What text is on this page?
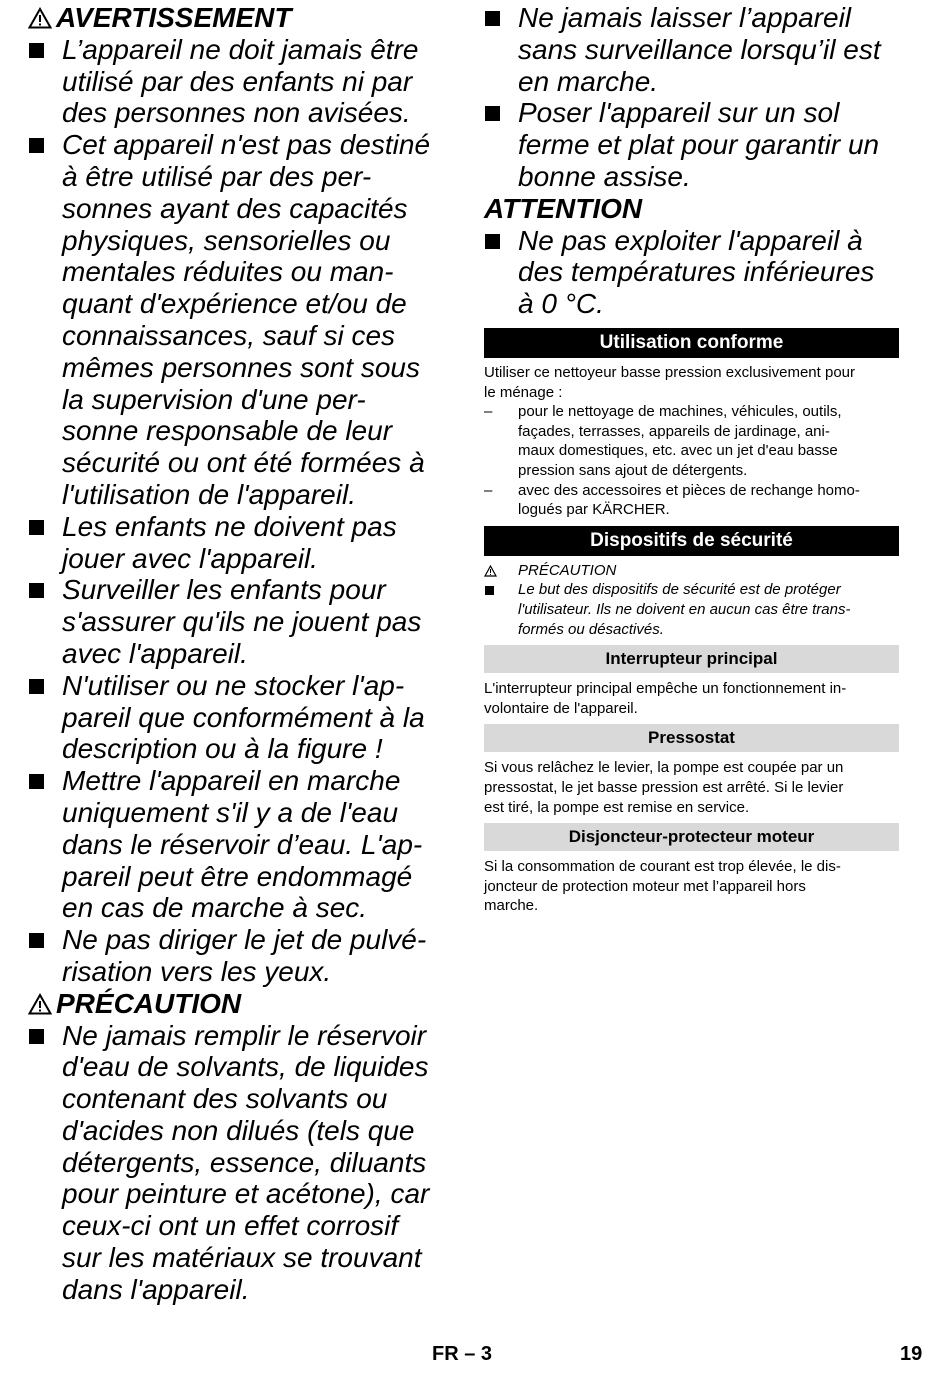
AVERTISSEMENT
L’appareil ne doit jamais être
utilisé par des enfants ni par
des personnes non avisées.
Cet appareil n'est pas destiné
à être utilisé par des per-
sonnes ayant des capacités
physiques, sensorielles ou
mentales réduites ou man-
quant d'expérience et/ou de
connaissances, sauf si ces
mêmes personnes sont sous
la supervision d'une per-
sonne responsable de leur
sécurité ou ont été formées à
l'utilisation de l'appareil.
Les enfants ne doivent pas
jouer avec l'appareil.
Surveiller les enfants pour
s'assurer qu'ils ne jouent pas
avec l'appareil.
N'utiliser ou ne stocker l'ap-
pareil que conformément à la
description ou à la figure !
Mettre l'appareil en marche
uniquement s'il y a de l'eau
dans le réservoir d’eau. L'ap-
pareil peut être endommagé
en cas de marche à sec.
Ne pas diriger le jet de pulvé-
risation vers les yeux.
PRÉCAUTION
Ne jamais remplir le réservoir
d'eau de solvants, de liquides
contenant des solvants ou
d'acides non dilués (tels que
détergents, essence, diluants
pour peinture et acétone), car
ceux-ci ont un effet corrosif
sur les matériaux se trouvant
dans l'appareil.
Ne jamais laisser l’appareil
sans surveillance lorsqu’il est
en marche.
Poser l'appareil sur un sol
ferme et plat pour garantir un
bonne assise.
ATTENTION
Ne pas exploiter l'appareil à
des températures inférieures
à 0 °C.
Utilisation conforme
Utiliser ce nettoyeur basse pression exclusivement pour
le ménage :
–	pour le nettoyage de machines, véhicules, outils,
façades, terrasses, appareils de jardinage, ani-
maux domestiques, etc. avec un jet d'eau basse
pression sans ajout de détergents.
–	avec des accessoires et pièces de rechange homo-
logués par KÄRCHER.
Dispositifs de sécurité
PRÉCAUTION
Le but des dispositifs de sécurité est de protéger
l'utilisateur. Ils ne doivent en aucun cas être trans-
formés ou désactivés.
Interrupteur principal
L'interrupteur principal empêche un fonctionnement in-
volontaire de l'appareil.
Pressostat
Si vous relâchez le levier, la pompe est coupée par un
pressostat, le jet basse pression est arrêté. Si le levier
est tiré, la pompe est remise en service.
Disjoncteur-protecteur moteur
Si la consommation de courant est trop élevée, le dis-
joncteur de protection moteur met l’appareil hors
marche.
FR – 3	19
